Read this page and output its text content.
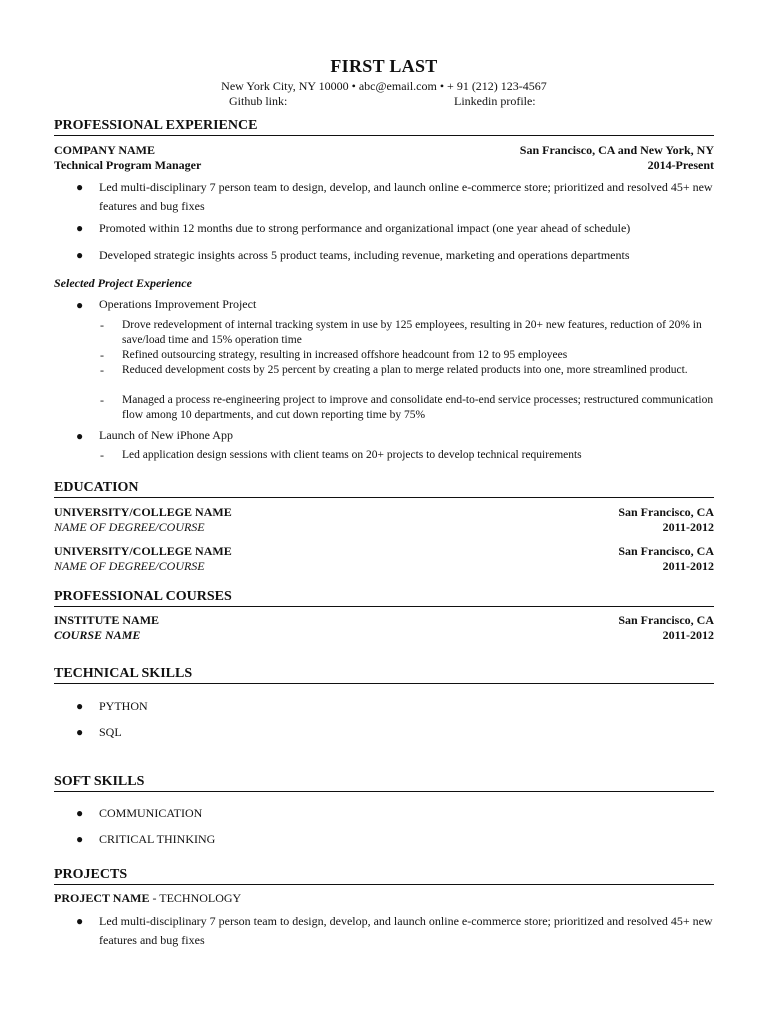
FIRST LAST
New York City, NY 10000 • abc@email.com • + 91 (212) 123-4567
Github link:	Linkedin profile:
PROFESSIONAL EXPERIENCE
COMPANY NAME	San Francisco, CA and New York, NY
Technical Program Manager	2014-Present
● Led multi-disciplinary 7 person team to design, develop, and launch online e-commerce store; prioritized and resolved 45+ new features and bug fixes
● Promoted within 12 months due to strong performance and organizational impact (one year ahead of schedule)
● Developed strategic insights across 5 product teams, including revenue, marketing and operations departments
Selected Project Experience
● Operations Improvement Project
- Drove redevelopment of internal tracking system in use by 125 employees, resulting in 20+ new features, reduction of 20% in save/load time and 15% operation time
- Refined outsourcing strategy, resulting in increased offshore headcount from 12 to 95 employees
- Reduced development costs by 25 percent by creating a plan to merge related products into one, more streamlined product.
- Managed a process re-engineering project to improve and consolidate end-to-end service processes; restructured communication flow among 10 departments, and cut down reporting time by 75%
● Launch of New iPhone App
- Led application design sessions with client teams on 20+ projects to develop technical requirements
EDUCATION
UNIVERSITY/COLLEGE NAME	San Francisco, CA
NAME OF DEGREE/COURSE	2011-2012
UNIVERSITY/COLLEGE NAME	San Francisco, CA
NAME OF DEGREE/COURSE	2011-2012
PROFESSIONAL COURSES
INSTITUTE NAME	San Francisco, CA
COURSE NAME	2011-2012
TECHNICAL SKILLS
● PYTHON
● SQL
SOFT SKILLS
● COMMUNICATION
● CRITICAL THINKING
PROJECTS
PROJECT NAME - TECHNOLOGY
● Led multi-disciplinary 7 person team to design, develop, and launch online e-commerce store; prioritized and resolved 45+ new features and bug fixes
